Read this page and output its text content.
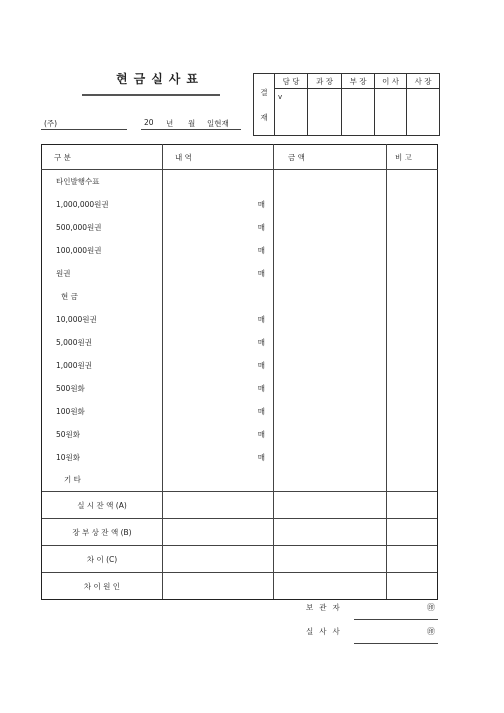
현금실사표
(주)	20 년 월 일현재
결
재	담 당	과 장	부 장	이 사	사 장
	v				
구 분	내 역	금 액	비 고
타인발행수표			
1,000,000원권	매		
500,000원권	매		
100,000원권	매		
원권	매		
현 금			
10,000원권	매		
5,000원권	매		
1,000원권	매		
500원화	매		
100원화	매		
50원화	매		
10원화	매		
기 타			
실 시 잔 액 (A)			
장 부 상 잔 액 (B)			
차 이 (C)			
차 이 원 인			
보관자	㊞
실사사	㊞
